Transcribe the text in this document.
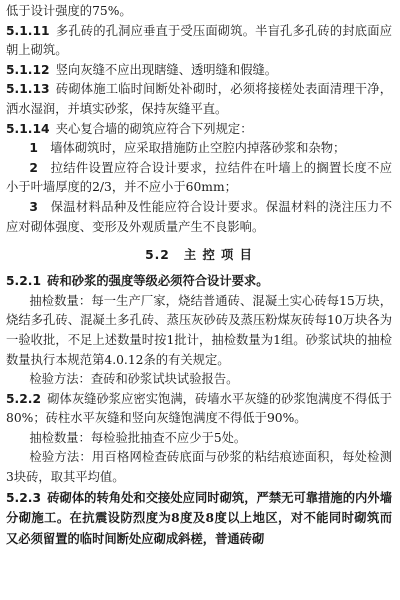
低于设计强度的75%。

5.1.11  多孔砖的孔洞应垂直于受压面砌筑。半盲孔多孔砖的封底面应朝上砌筑。

5.1.12  竖向灰缝不应出现瞎缝、透明缝和假缝。

5.1.13  砖砌体施工临时间断处补砌时，必须将接槎处表面清理干净，洒水湿润，并填实砂浆，保持灰缝平直。

5.1.14  夹心复合墙的砌筑应符合下列规定：

1  墙体砌筑时，应采取措施防止空腔内掉落砂浆和杂物；

2  拉结件设置应符合设计要求，拉结件在叶墙上的搁置长度不应小于叶墙厚度的2/3，并不应小于60mm；

3  保温材料品种及性能应符合设计要求。保温材料的浇注压力不应对砌体强度、变形及外观质量产生不良影响。

5.2 主 控 项 目

5.2.1  砖和砂浆的强度等级必须符合设计要求。

抽检数量：每一生产厂家，烧结普通砖、混凝土实心砖每15万块，烧结多孔砖、混凝土多孔砖、蒸压灰砂砖及蒸压粉煤灰砖每10万块各为一验收批，不足上述数量时按1批计，抽检数量为1组。砂浆试块的抽检数量执行本规范第4.0.12条的有关规定。

检验方法：查砖和砂浆试块试验报告。

5.2.2  砌体灰缝砂浆应密实饱满，砖墙水平灰缝的砂浆饱满度不得低于80%；砖柱水平灰缝和竖向灰缝饱满度不得低于90%。

抽检数量：每检验批抽查不应少于5处。

检验方法：用百格网检查砖底面与砂浆的粘结痕迹面积，每处检测3块砖，取其平均值。

5.2.3  砖砌体的转角处和交接处应同时砌筑，严禁无可靠措施的内外墙分砌施工。在抗震设防烈度为8度及8度以上地区，对不能同时砌筑而又必须留置的临时间断处应砌成斜槎，普通砖砌
